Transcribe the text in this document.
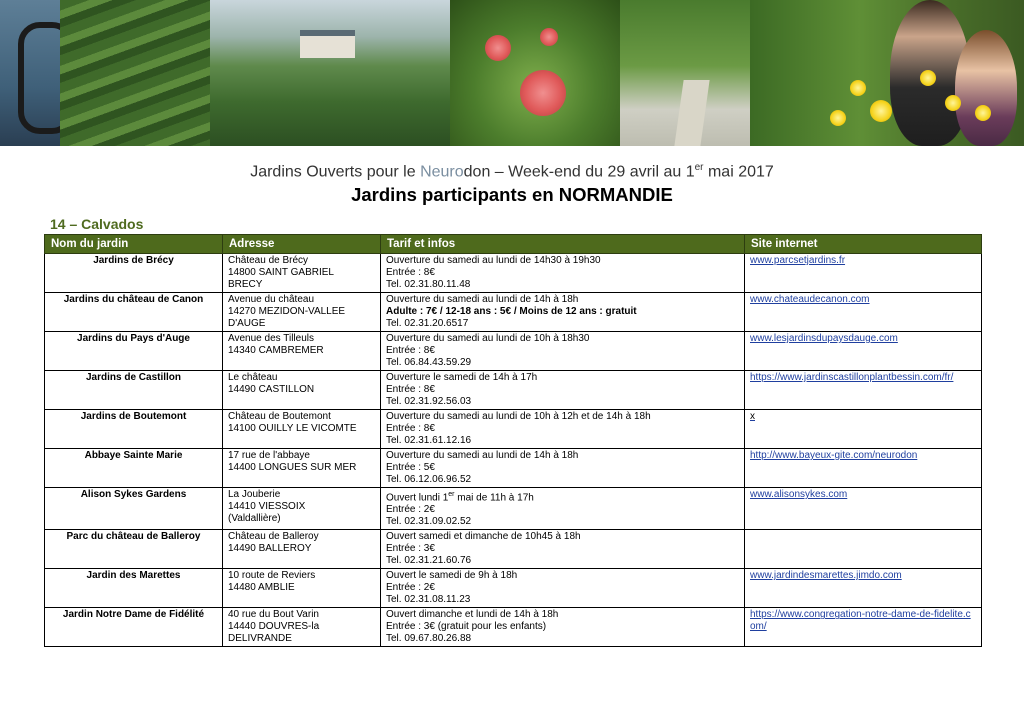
Jardins Ouverts pour le Neurodon – Week-end du 29 avril au 1er mai 2017
Jardins participants en NORMANDIE
14 – Calvados
Nom du jardin	Adresse	Tarif et infos	Site internet
Jardins de Brécy	Château de Brécy
14800 SAINT GABRIEL
BRECY	Ouverture du samedi au lundi de 14h30 à 19h30
Entrée : 8€
Tel. 02.31.80.11.48	www.parcsetjardins.fr
Jardins du château de Canon	Avenue du château
14270 MEZIDON-VALLEE
D'AUGE	Ouverture du samedi au lundi de 14h à 18h
Adulte : 7€ / 12-18 ans : 5€ / Moins de 12 ans : gratuit
Tel. 02.31.20.6517	www.chateaudecanon.com
Jardins du Pays d'Auge	Avenue des Tilleuls
14340 CAMBREMER	Ouverture du samedi au lundi de 10h à 18h30
Entrée : 8€
Tel. 06.84.43.59.29	www.lesjardinsdupaysdauge.com
Jardins de Castillon	Le château
14490 CASTILLON	Ouverture le samedi de 14h à 17h
Entrée : 8€
Tel. 02.31.92.56.03	https://www.jardinscastillonplantbessin.com/fr/
Jardins de Boutemont	Château de Boutemont
14100 OUILLY LE VICOMTE	Ouverture du samedi au lundi de 10h à 12h et de 14h à 18h
Entrée : 8€
Tel. 02.31.61.12.16	x
Abbaye Sainte Marie	17 rue de l'abbaye
14400 LONGUES SUR MER	Ouverture du samedi au lundi de 14h à 18h
Entrée : 5€
Tel. 06.12.06.96.52	http://www.bayeux-gite.com/neurodon
Alison Sykes Gardens	La Jouberie
14410 VIESSOIX
(Valdallière)	Ouvert lundi 1er mai de 11h à 17h
Entrée : 2€
Tel. 02.31.09.02.52	www.alisonsykes.com
Parc du château de Balleroy	Château de Balleroy
14490 BALLEROY	Ouvert samedi et dimanche de 10h45 à 18h
Entrée : 3€
Tel. 02.31.21.60.76	

Jardin des Marettes	10 route de Reviers
14480 AMBLIE	Ouvert le samedi de 9h à 18h
Entrée : 2€
Tel. 02.31.08.11.23	www.jardindesmarettes.jimdo.com
Jardin Notre Dame de Fidélité	40 rue du Bout Varin
14440 DOUVRES-la
DELIVRANDE	Ouvert dimanche et lundi de 14h à 18h
Entrée : 3€ (gratuit pour les enfants)
Tel. 09.67.80.26.88	https://www.congregation-notre-dame-de-fidelite.com/
